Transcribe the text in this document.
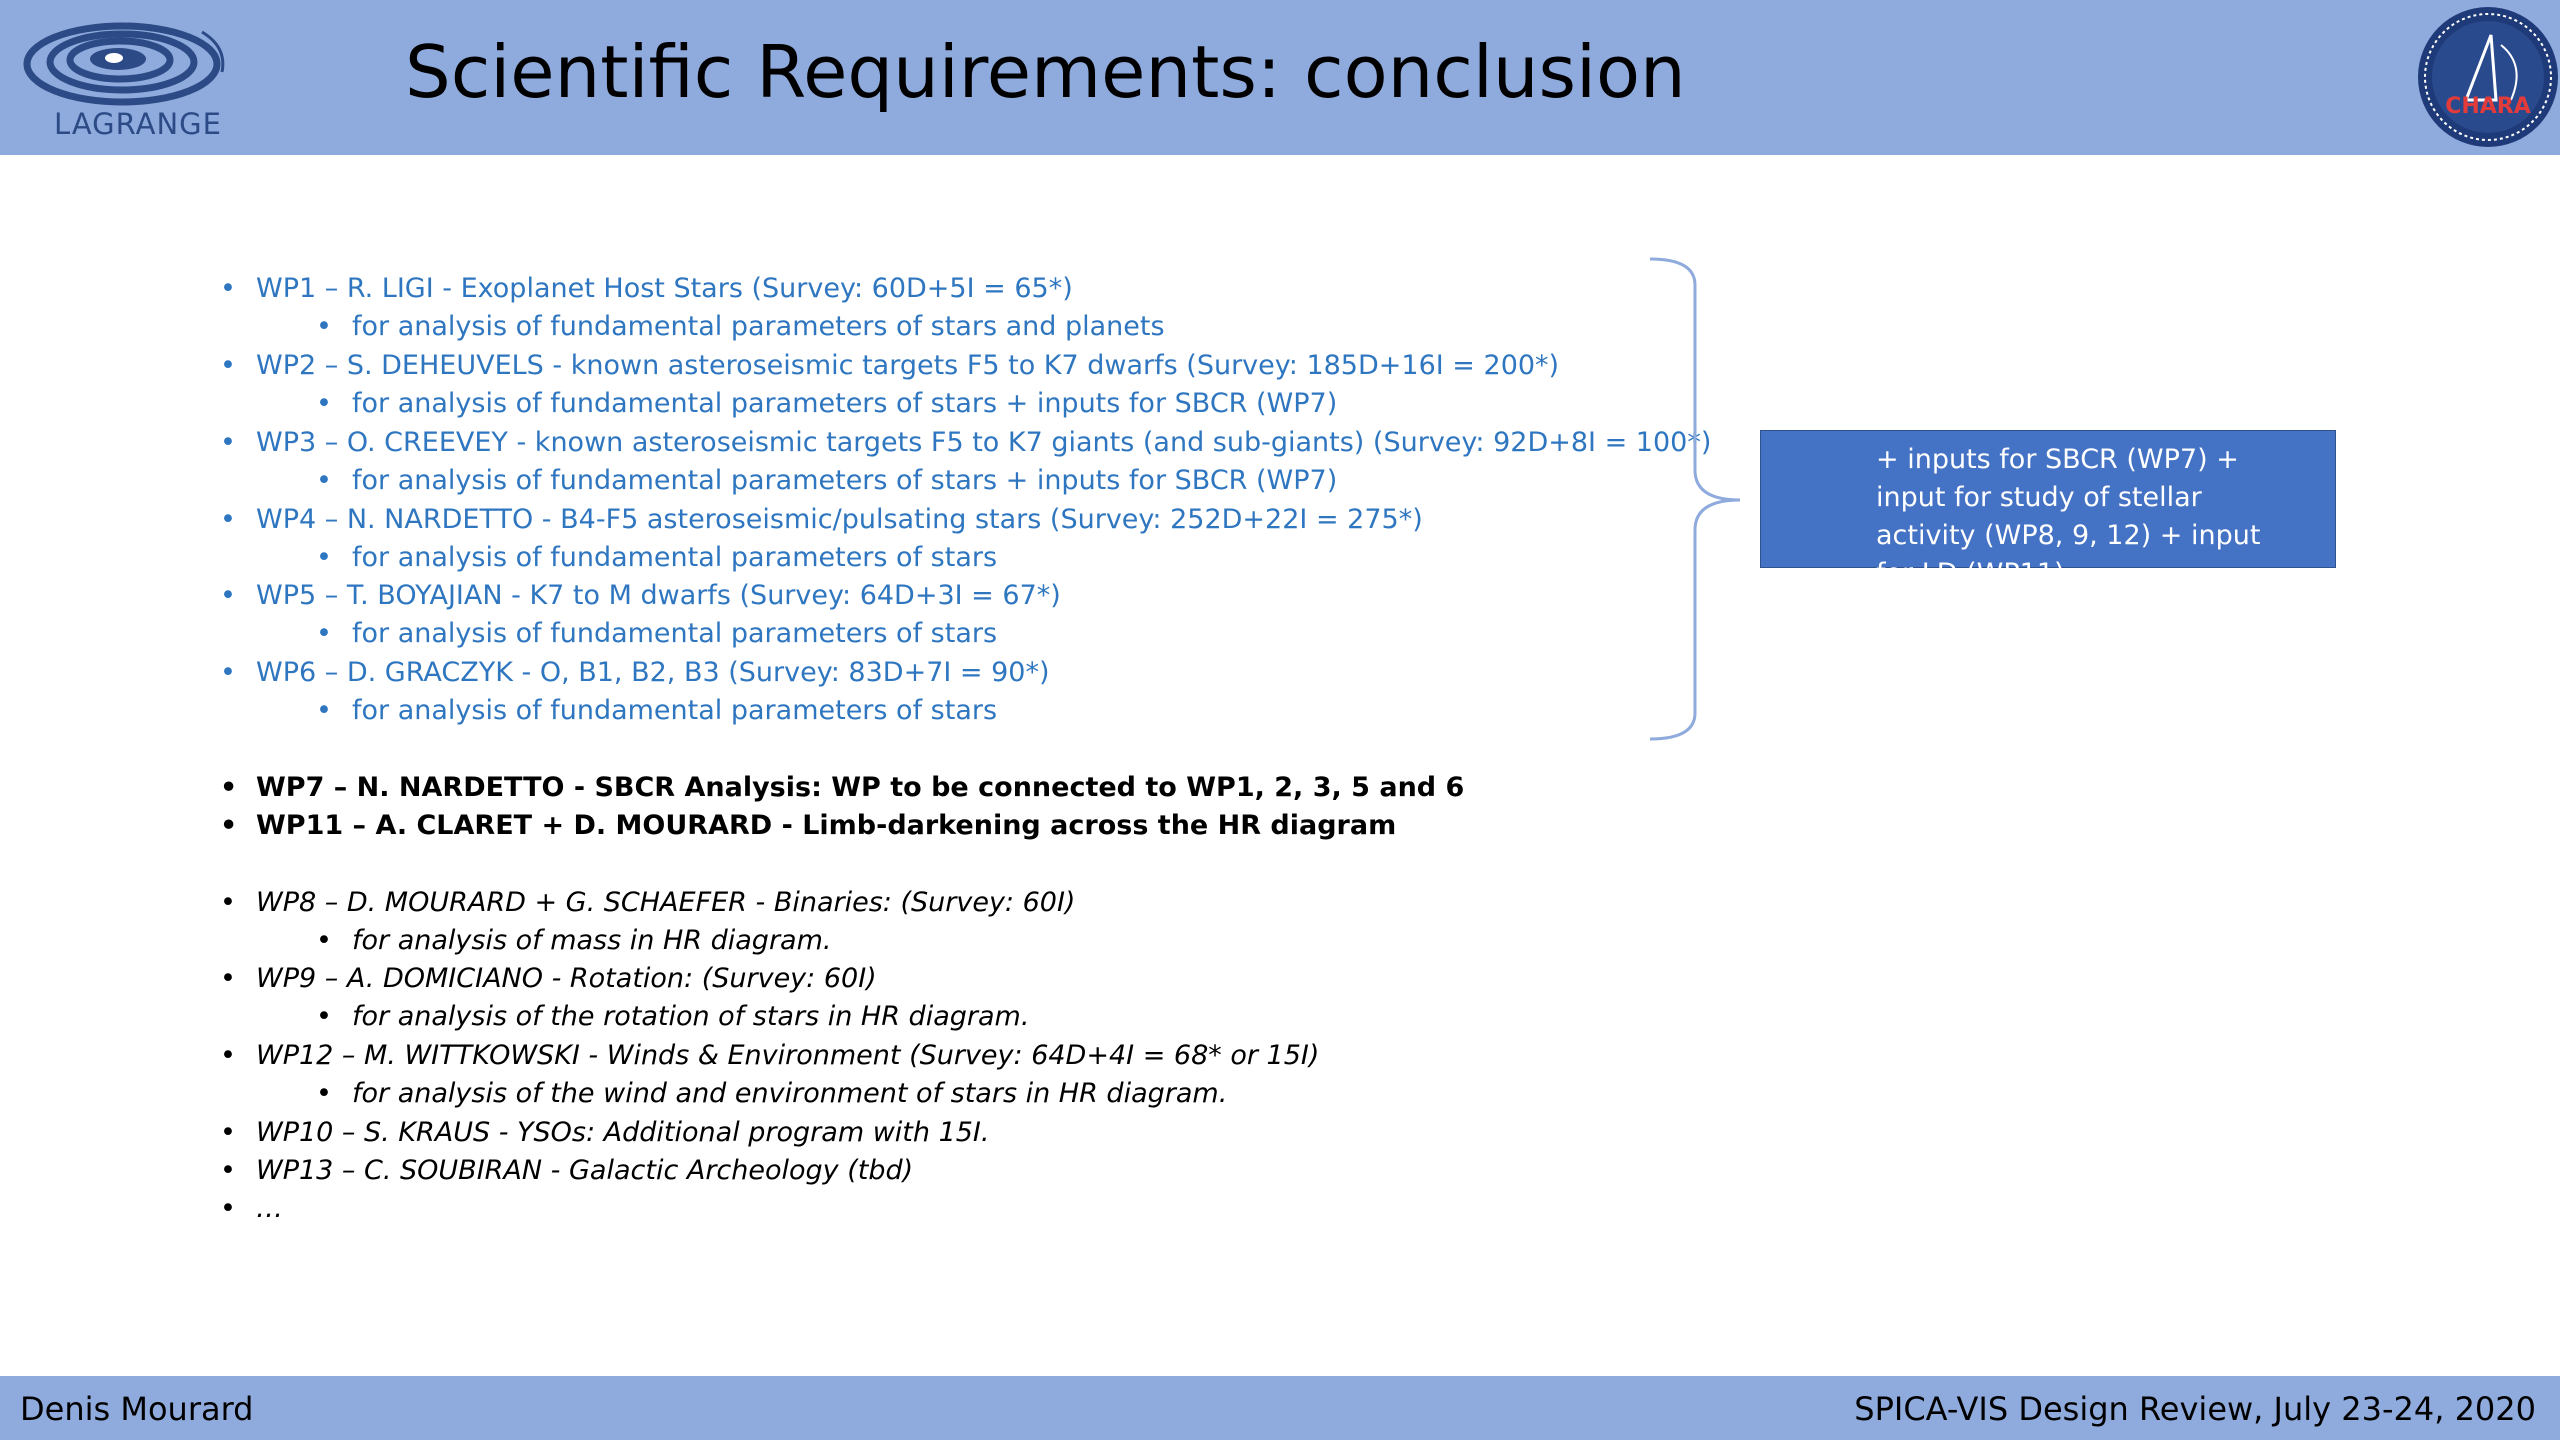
LAGRANGE
Scientific Requirements: conclusion	CHARA
• WP1 – R. LIGI - Exoplanet Host Stars (Survey: 60D+5I = 65*)
• for analysis of fundamental parameters of stars and planets
• WP2 – S. DEHEUVELS - known asteroseismic targets F5 to K7 dwarfs (Survey: 185D+16I = 200*)
• for analysis of fundamental parameters of stars + inputs for SBCR (WP7)
• WP3 – O. CREEVEY - known asteroseismic targets F5 to K7 giants (and sub-giants) (Survey: 92D+8I = 100*)
• for analysis of fundamental parameters of stars + inputs for SBCR (WP7)
• WP4 – N. NARDETTO - B4-F5 asteroseismic/pulsating stars (Survey: 252D+22I = 275*)
• for analysis of fundamental parameters of stars
• WP5 – T. BOYAJIAN - K7 to M dwarfs (Survey: 64D+3I = 67*)
• for analysis of fundamental parameters of stars
• WP6 – D. GRACZYK - O, B1, B2, B3 (Survey: 83D+7I = 90*)
• for analysis of fundamental parameters of stars
• WP7 – N. NARDETTO - SBCR Analysis: WP to be connected to WP1, 2, 3, 5 and 6
• WP11 – A. CLARET + D. MOURARD - Limb-darkening across the HR diagram
• WP8 – D. MOURARD + G. SCHAEFER - Binaries: (Survey: 60I)
• for analysis of mass in HR diagram.
• WP9 – A. DOMICIANO - Rotation: (Survey: 60I)
• for analysis of the rotation of stars in HR diagram.
• WP12 – M. WITTKOWSKI - Winds & Environment (Survey: 64D+4I = 68* or 15I)
• for analysis of the wind and environment of stars in HR diagram.
• WP10 – S. KRAUS - YSOs: Additional program with 15I.
• WP13 – C. SOUBIRAN - Galactic Archeology (tbd)
• …
+ inputs for SBCR (WP7) + input for study of stellar activity (WP8, 9, 12) + input for LD (WP11)
Denis Mourard	SPICA-VIS Design Review, July 23-24, 2020
